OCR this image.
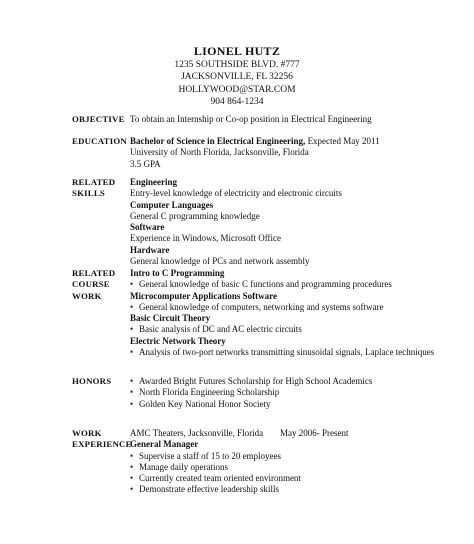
LIONEL HUTZ
1235 SOUTHSIDE BLVD. #777
JACKSONVILLE, FL 32256
HOLLYWOOD@STAR.COM
904 864-1234
OBJECTIVE To obtain an Internship or Co-op position in Electrical Engineering
EDUCATION Bachelor of Science in Electrical Engineering, Expected May 2011
University of North Florida, Jacksonville, Florida
3.5 GPA
RELATED
SKILLS
Engineering
Entry-level knowledge of electricity and electronic circuits
Computer Languages
General C programming knowledge
Software
Experience in Windows, Microsoft Office
Hardware
General knowledge of PCs and network assembly
RELATED
COURSE
WORK
Intro to C Programming
• General knowledge of basic C functions and programming procedures
Microcomputer Applications Software
• General knowledge of computers, networking and systems software
Basic Circuit Theory
• Basic analysis of DC and AC electric circuits
Electric Network Theory
• Analysis of two-port networks transmitting sinusoidal signals, Laplace techniques
HONORS
•	Awarded Bright Futures Scholarship for High School Academics
• North Florida Engineering Scholarship
• Golden Key National Honor Society
WORK
EXPERIENCE
AMC Theaters, Jacksonville, Florida May 2006- Present
General Manager
• Supervise a staff of 15 to 20 employees
• Manage daily operations
• Currently created team oriented environment
• Demonstrate effective leadership skills
